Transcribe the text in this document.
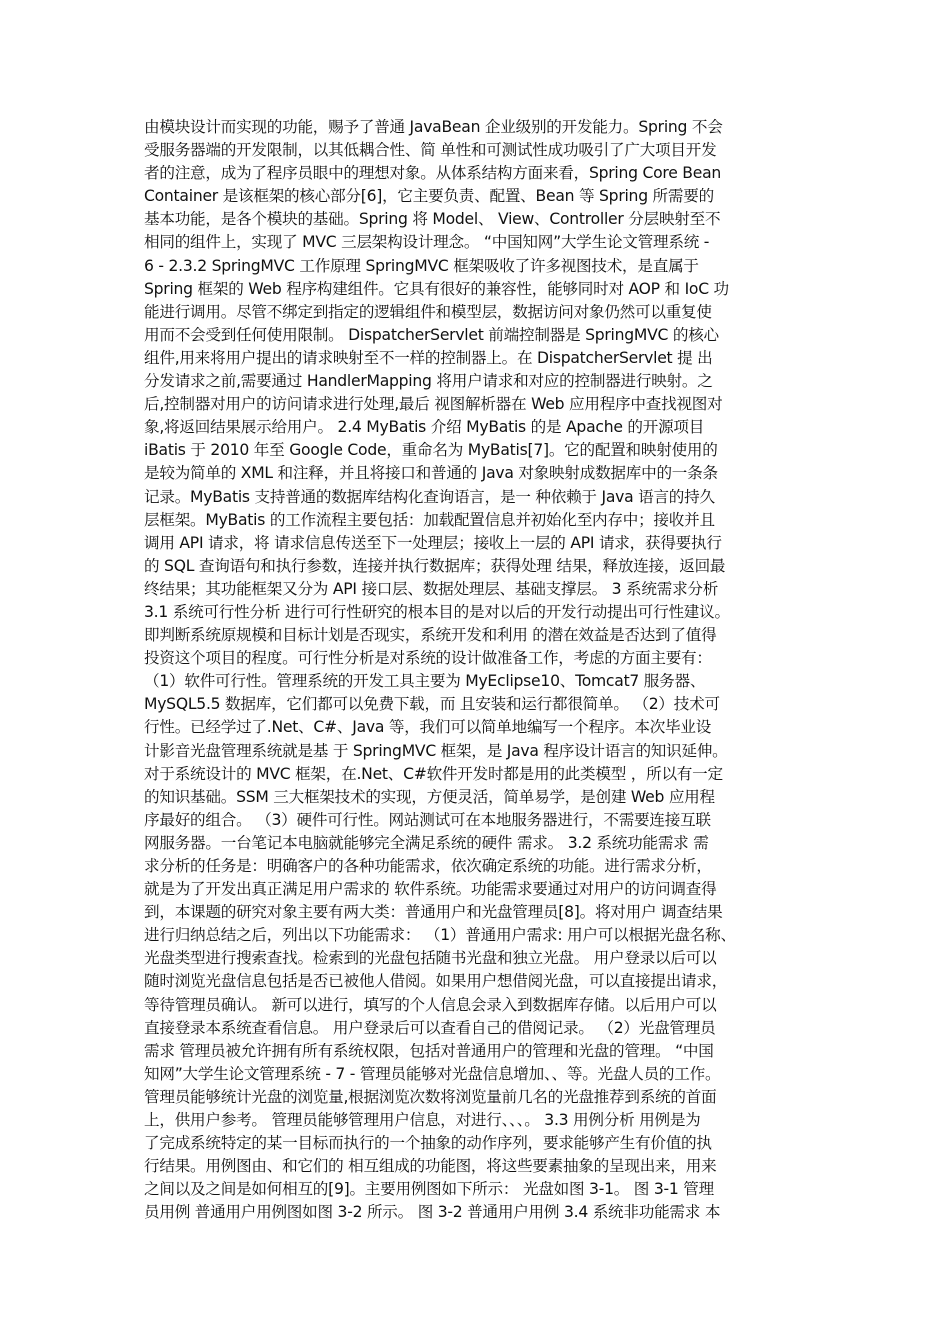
由模块设计而实现的功能，赐予了普通 JavaBean 企业级别的开发能力。Spring 不会
受服务器端的开发限制，以其低耦合性、简 单性和可测试性成功吸引了广大项目开发
者的注意，成为了程序员眼中的理想对象。从体系结构方面来看，Spring Core Bean
Container 是该框架的核心部分[6]，它主要负责、配置、Bean 等 Spring 所需要的
基本功能，是各个模块的基础。Spring 将 Model、 View、Controller 分层映射至不
相同的组件上，实现了 MVC 三层架构设计理念。 “中国知网”大学生论文管理系统 -
6 - 2.3.2 SpringMVC 工作原理 SpringMVC 框架吸收了许多视图技术，是直属于
Spring 框架的 Web 程序构建组件。它具有很好的兼容性，能够同时对 AOP 和 IoC 功
能进行调用。尽管不绑定到指定的逻辑组件和模型层，数据访问对象仍然可以重复使
用而不会受到任何使用限制。 DispatcherServlet 前端控制器是 SpringMVC 的核心
组件,用来将用户提出的请求映射至不一样的控制器上。在 DispatcherServlet 提 出
分发请求之前,需要通过 HandlerMapping 将用户请求和对应的控制器进行映射。之
后,控制器对用户的访问请求进行处理,最后 视图解析器在 Web 应用程序中查找视图对
象,将返回结果展示给用户。 2.4 MyBatis 介绍 MyBatis 的是 Apache 的开源项目
iBatis 于 2010 年至 Google Code，重命名为 MyBatis[7]。它的配置和映射使用的
是较为简单的 XML 和注释，并且将接口和普通的 Java 对象映射成数据库中的一条条
记录。MyBatis 支持普通的数据库结构化查询语言，是一 种依赖于 Java 语言的持久
层框架。MyBatis 的工作流程主要包括：加载配置信息并初始化至内存中；接收并且
调用 API 请求，将 请求信息传送至下一处理层；接收上一层的 API 请求，获得要执行
的 SQL 查询语句和执行参数，连接并执行数据库；获得处理 结果，释放连接，返回最
终结果；其功能框架又分为 API 接口层、数据处理层、基础支撑层。 3 系统需求分析
3.1 系统可行性分析 进行可行性研究的根本目的是对以后的开发行动提出可行性建议。
即判断系统原规模和目标计划是否现实，系统开发和利用 的潜在效益是否达到了值得
投资这个项目的程度。可行性分析是对系统的设计做准备工作，考虑的方面主要有：
（1）软件可行性。管理系统的开发工具主要为 MyEclipse10、Tomcat7 服务器、
MySQL5.5 数据库，它们都可以免费下载，而 且安装和运行都很简单。 （2）技术可
行性。已经学过了.Net、C#、Java 等，我们可以简单地编写一个程序。本次毕业设
计影音光盘管理系统就是基 于 SpringMVC 框架，是 Java 程序设计语言的知识延伸。
对于系统设计的 MVC 框架，在.Net、C#软件开发时都是用的此类模型 ，所以有一定
的知识基础。SSM 三大框架技术的实现，方便灵活，简单易学，是创建 Web 应用程
序最好的组合。 （3）硬件可行性。网站测试可在本地服务器进行，不需要连接互联
网服务器。一台笔记本电脑就能够完全满足系统的硬件 需求。 3.2 系统功能需求 需
求分析的任务是：明确客户的各种功能需求，依次确定系统的功能。进行需求分析，
就是为了开发出真正满足用户需求的 软件系统。功能需求要通过对用户的访问调查得
到，本课题的研究对象主要有两大类：普通用户和光盘管理员[8]。将对用户 调查结果
进行归纳总结之后，列出以下功能需求： （1）普通用户需求: 用户可以根据光盘名称、
光盘类型进行搜索查找。检索到的光盘包括随书光盘和独立光盘。 用户登录以后可以
随时浏览光盘信息包括是否已被他人借阅。如果用户想借阅光盘，可以直接提出请求，
等待管理员确认。 新可以进行，填写的个人信息会录入到数据库存储。以后用户可以
直接登录本系统查看信息。 用户登录后可以查看自己的借阅记录。 （2）光盘管理员
需求 管理员被允许拥有所有系统权限，包括对普通用户的管理和光盘的管理。 “中国
知网”大学生论文管理系统 - 7 - 管理员能够对光盘信息增加、、等。光盘人员的工作。
管理员能够统计光盘的浏览量,根据浏览次数将浏览量前几名的光盘推荐到系统的首面
上，供用户参考。 管理员能够管理用户信息，对进行、、、。 3.3 用例分析 用例是为
了完成系统特定的某一目标而执行的一个抽象的动作序列，要求能够产生有价值的执
行结果。用例图由、和它们的 相互组成的功能图，将这些要素抽象的呈现出来，用来
之间以及之间是如何相互的[9]。主要用例图如下所示： 光盘如图 3-1。 图 3-1 管理
员用例 普通用户用例图如图 3-2 所示。 图 3-2 普通用户用例 3.4 系统非功能需求 本
